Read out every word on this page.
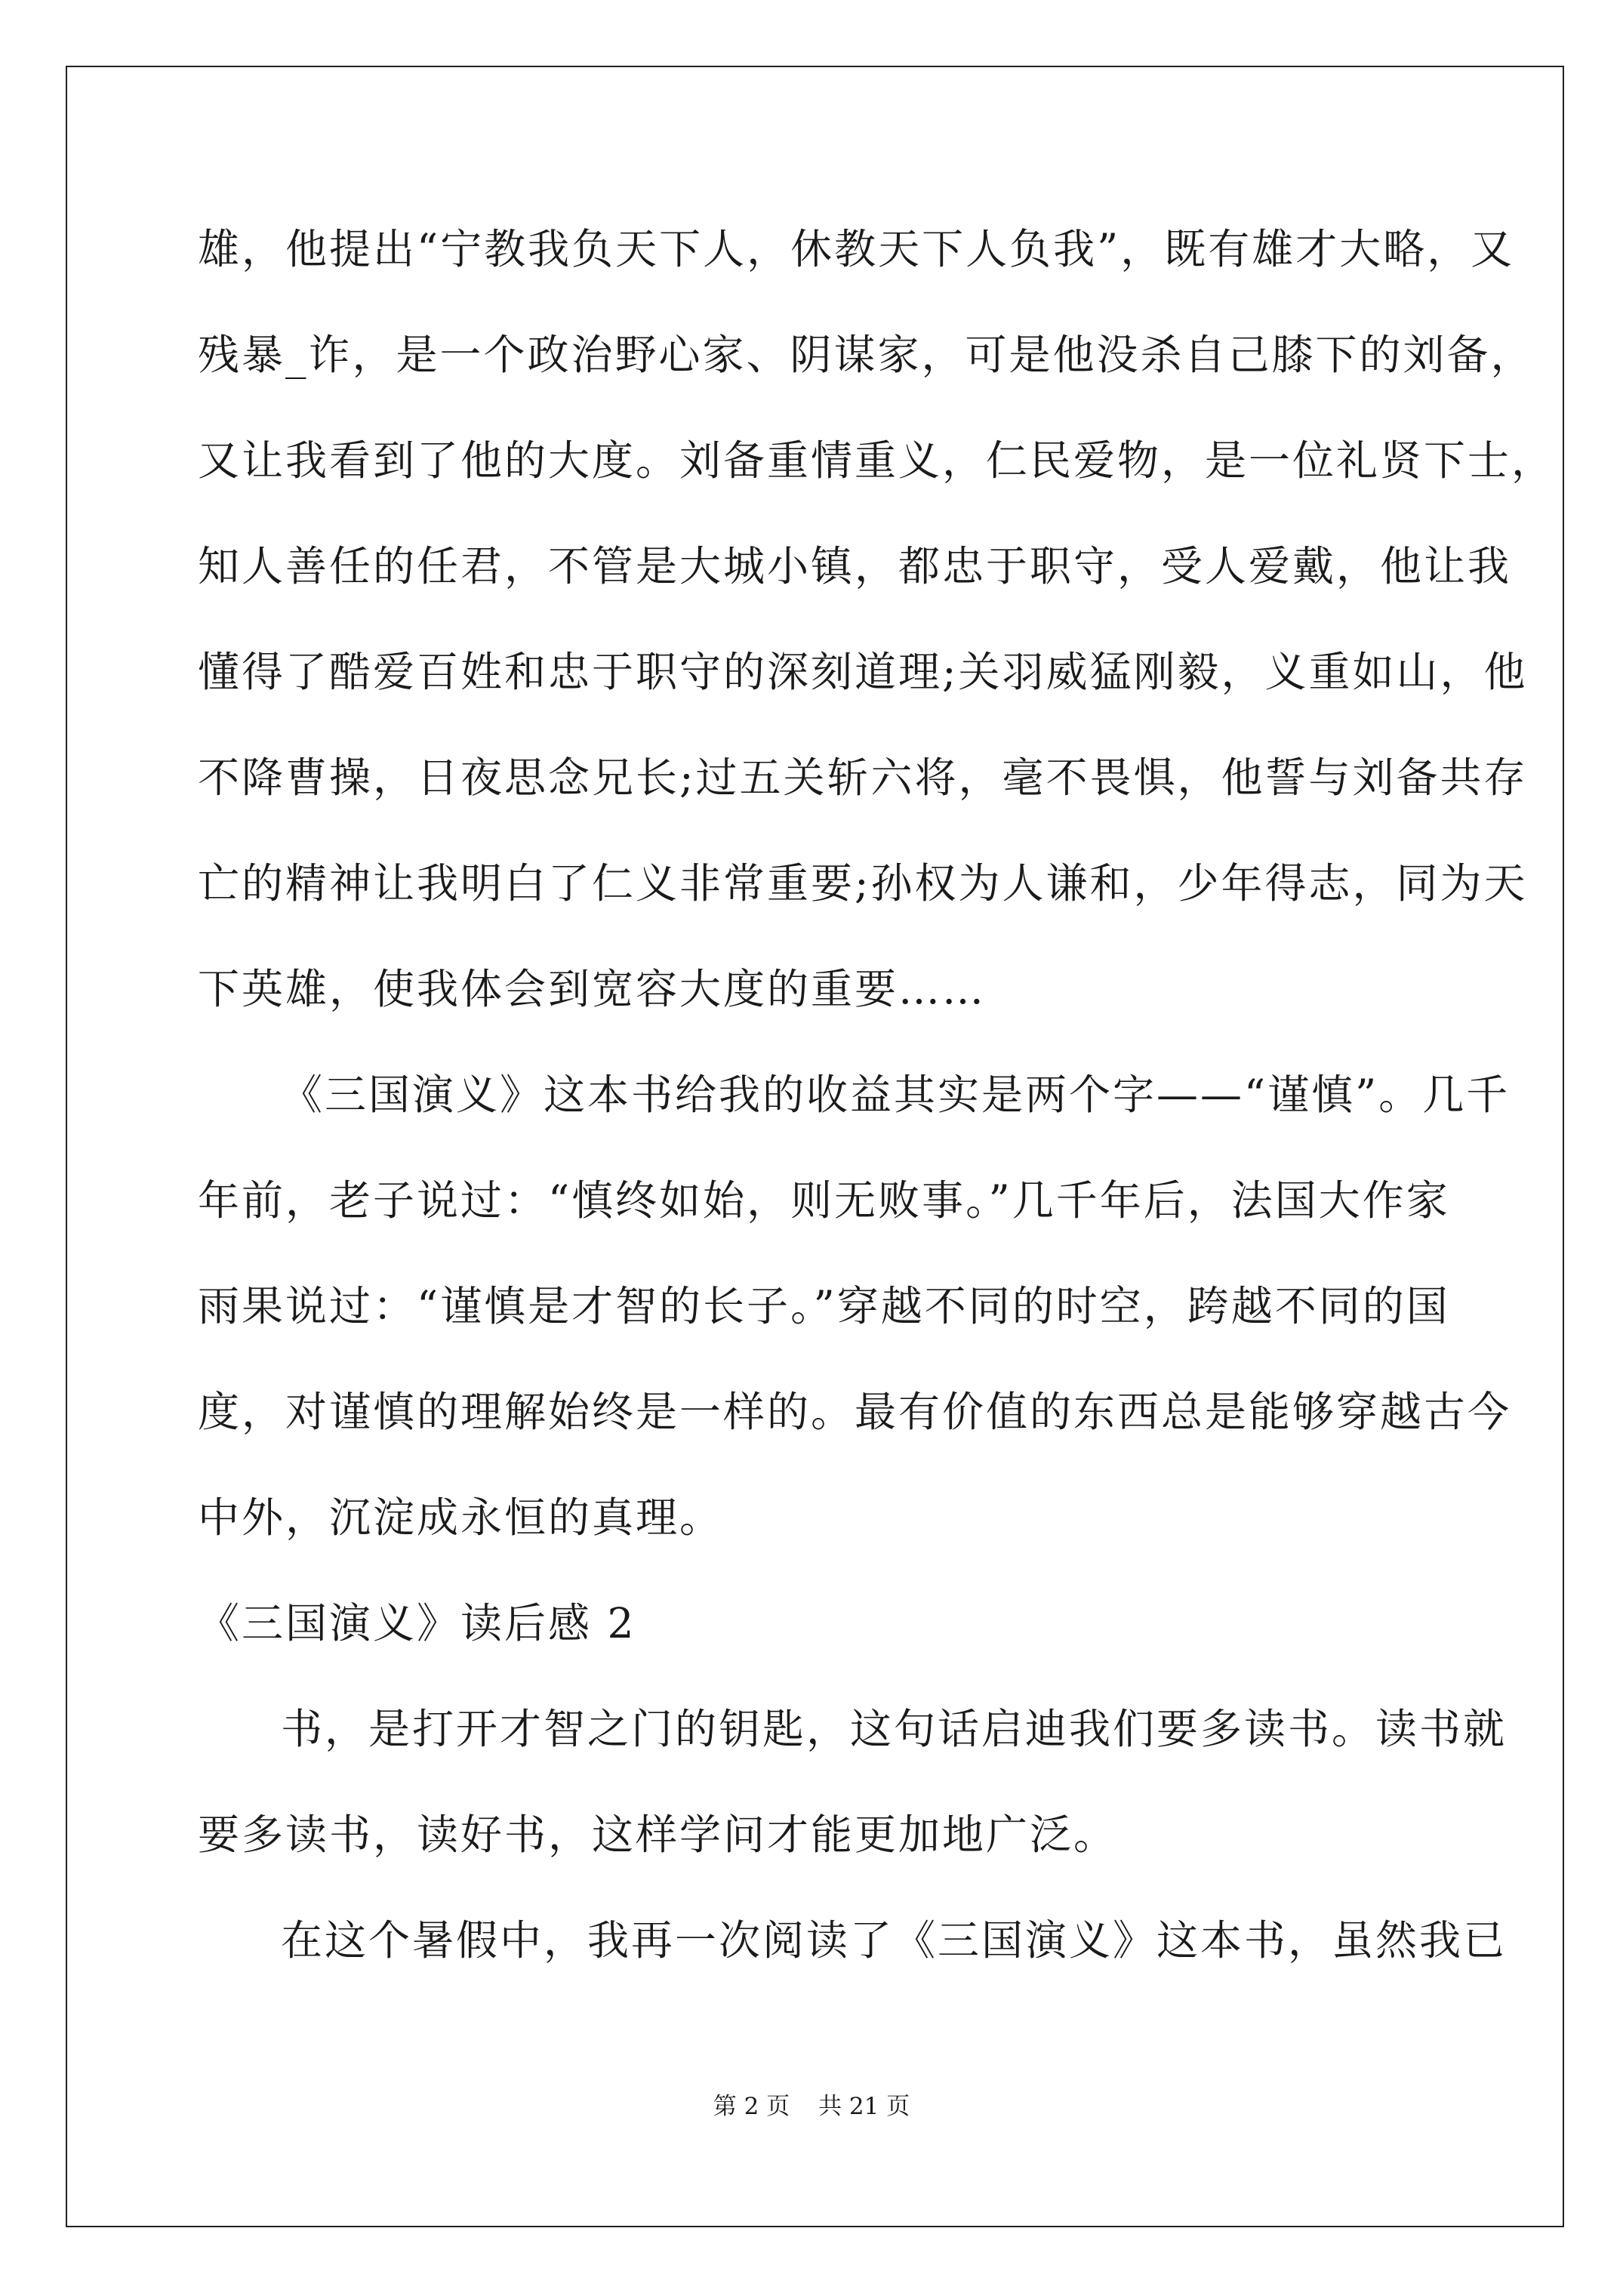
雄，他提出“宁教我负天下人，休教天下人负我”，既有雄才大略，又
残暴_诈，是一个政治野心家、阴谋家，可是他没杀自己膝下的刘备，
又让我看到了他的大度。刘备重情重义，仁民爱物，是一位礼贤下士，
知人善任的任君，不管是大城小镇，都忠于职守，受人爱戴，他让我
懂得了酷爱百姓和忠于职守的深刻道理;关羽威猛刚毅，义重如山，他
不降曹操，日夜思念兄长;过五关斩六将，毫不畏惧，他誓与刘备共存
亡的精神让我明白了仁义非常重要;孙权为人谦和，少年得志，同为天
下英雄，使我体会到宽容大度的重要……
《三国演义》这本书给我的收益其实是两个字——“谨慎”。几千
年前，老子说过：“慎终如始，则无败事。”几千年后，法国大作家
雨果说过：“谨慎是才智的长子。”穿越不同的时空，跨越不同的国
度，对谨慎的理解始终是一样的。最有价值的东西总是能够穿越古今
中外，沉淀成永恒的真理。
《三国演义》读后感 2
书，是打开才智之门的钥匙，这句话启迪我们要多读书。读书就
要多读书，读好书，这样学问才能更加地广泛。
在这个暑假中，我再一次阅读了《三国演义》这本书，虽然我已
第 2 页 共 21 页
